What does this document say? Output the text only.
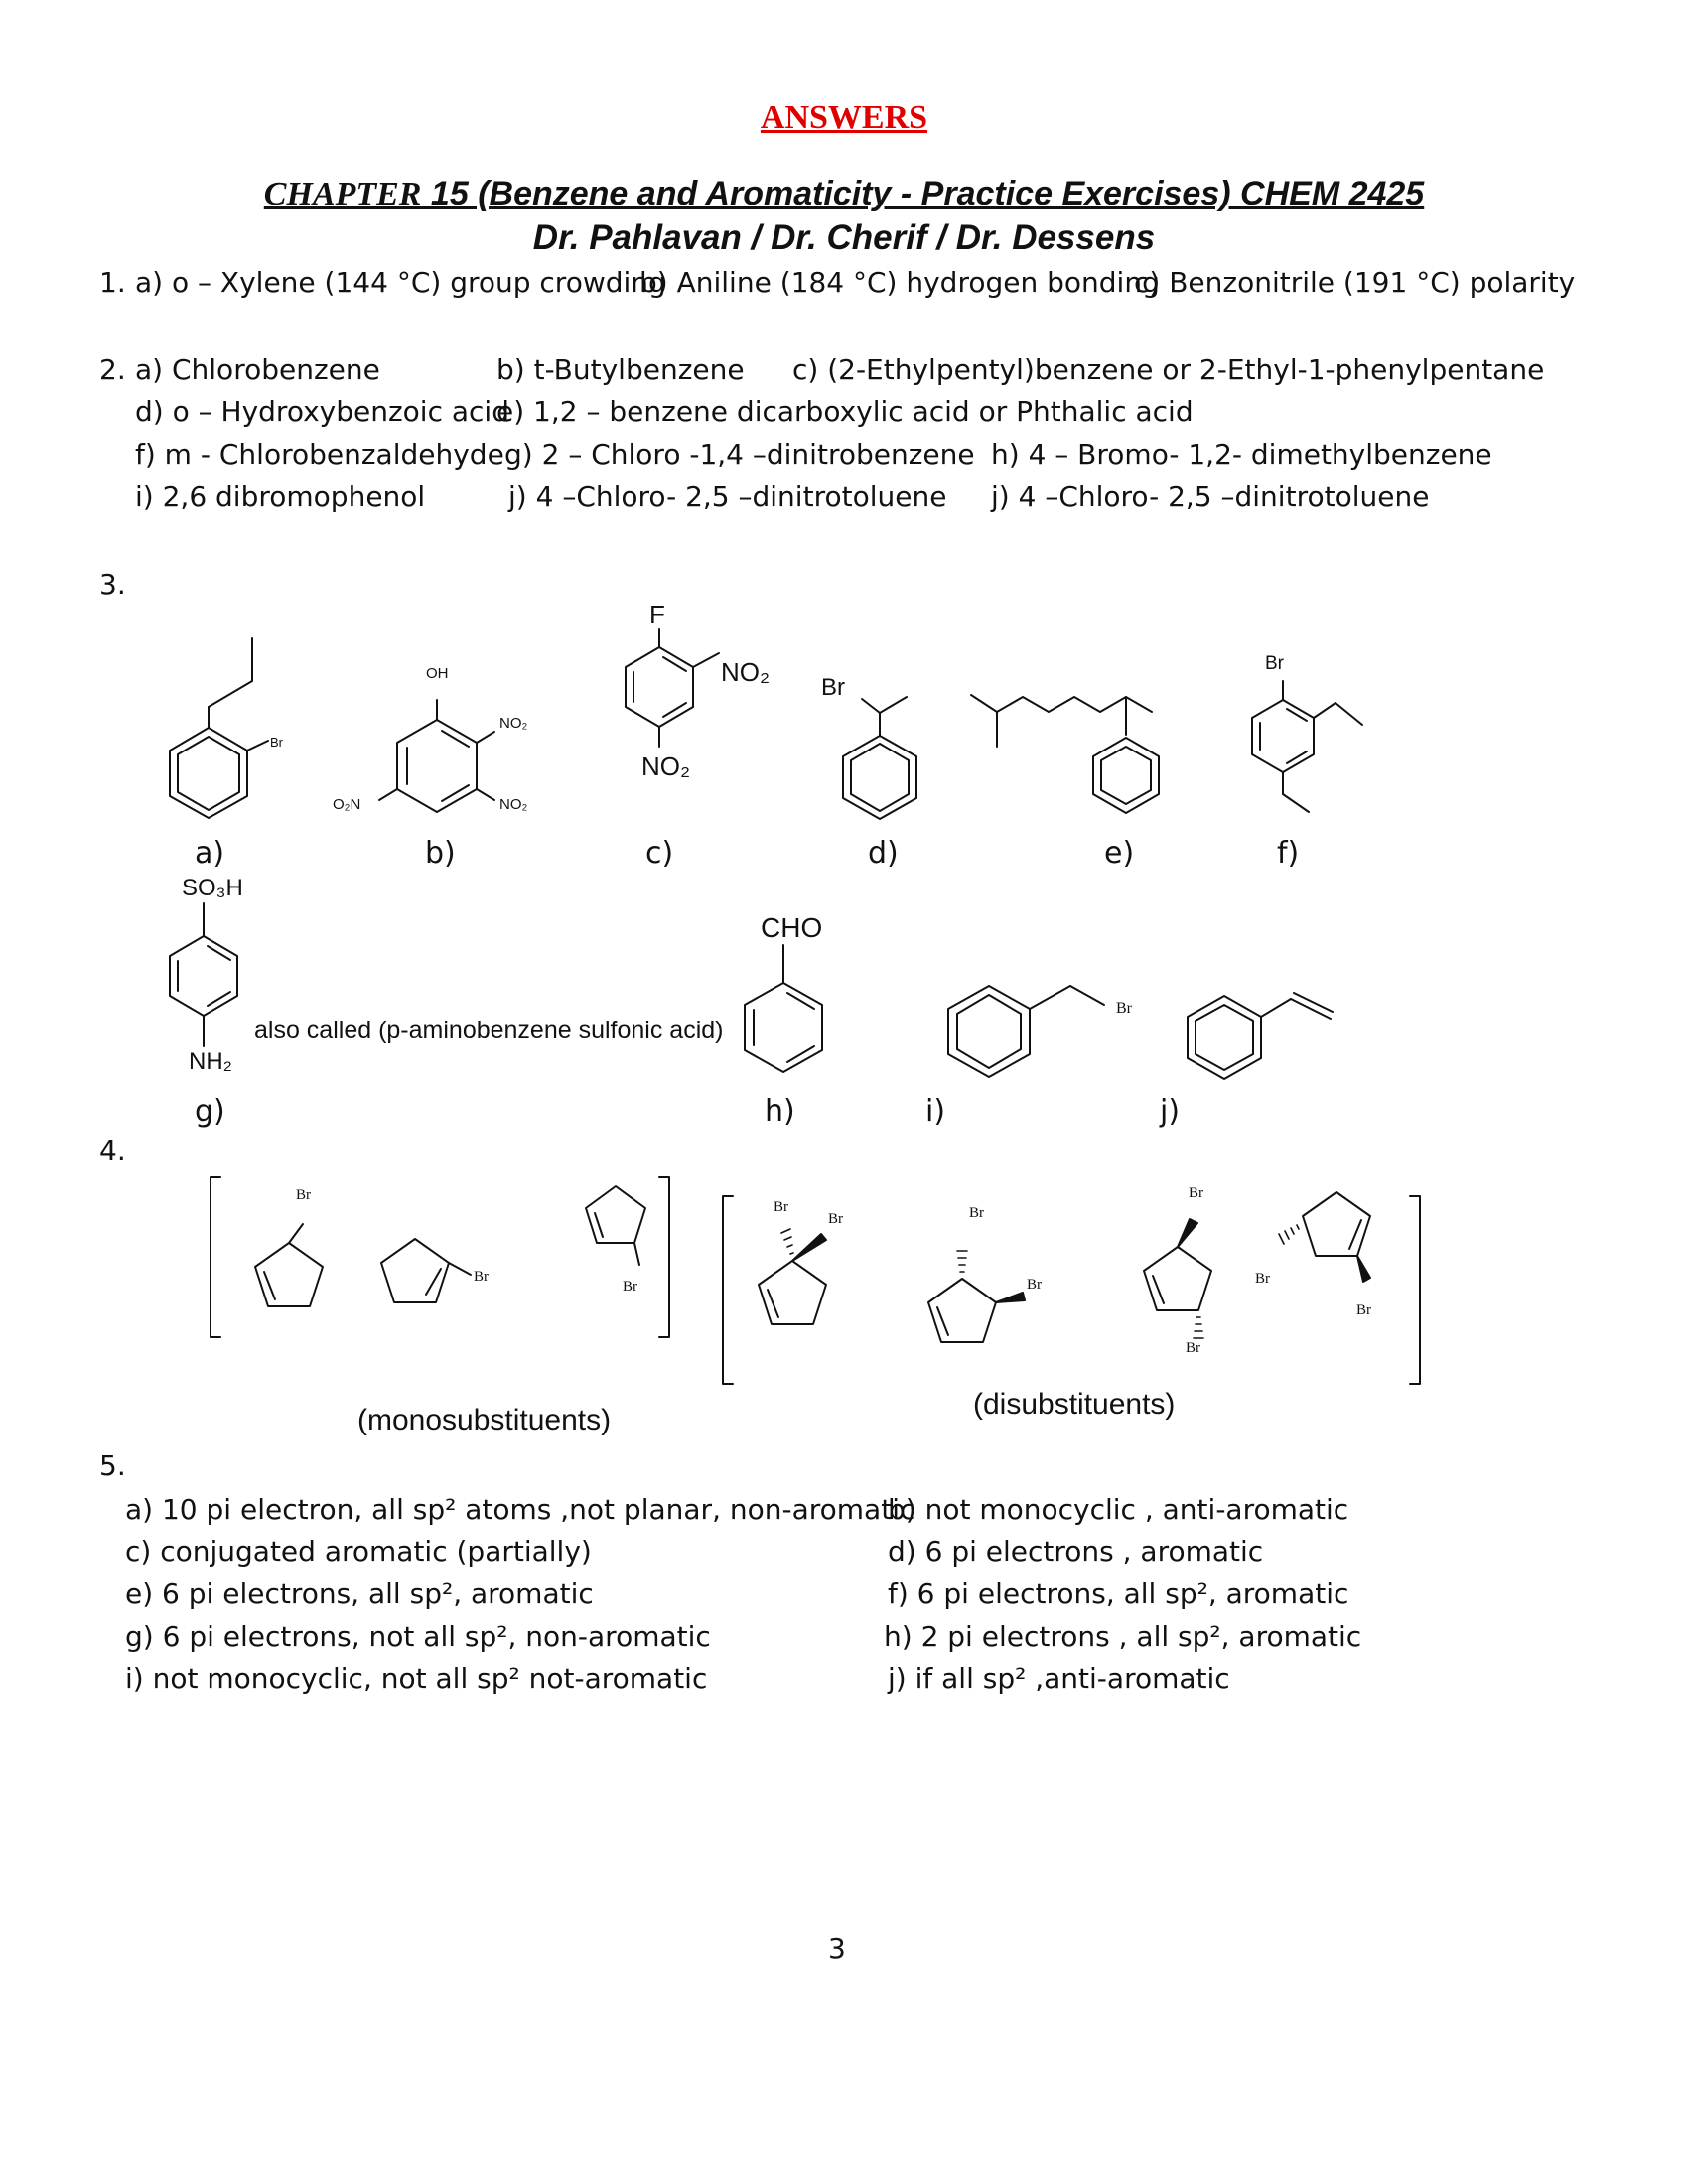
ANSWERS
CHAPTER 15 (Benzene and Aromaticity - Practice Exercises) CHEM 2425
Dr. Pahlavan / Dr. Cherif / Dr. Dessens
1. a) o – Xylene (144 °C) group crowding
b) Aniline (184 °C) hydrogen bonding
c) Benzonitrile (191 °C) polarity
2. a) Chlorobenzene	b) t-Butylbenzene c) (2-Ethylpentyl)benzene or 2-Ethyl-1-phenylpentane
d) o – Hydroxybenzoic acid
e) 1,2 – benzene dicarboxylic acid or Phthalic acid
f) m - Chlorobenzaldehyde g) 2 – Chloro -1,4 –dinitrobenzene h) 4 – Bromo- 1,2- dimethylbenzene
i) 2,6 dibromophenol	j) 4 –Chloro- 2,5 –dinitrotoluene j) 4 –Chloro- 2,5 –dinitrotoluene
3.
a)	b)	c)	d)	e)	f)
g)	h)	i)	j)
also called (p-aminobenzene sulfonic acid)
4.
(monosubstituents)	(disubstituents)
5.
a) 10 pi electron, all sp² atoms ,not planar, non-aromatic
b) not monocyclic , anti-aromatic
c) conjugated aromatic (partially)	d) 6 pi electrons , aromatic
e) 6 pi electrons, all sp², aromatic	f) 6 pi electrons, all sp², aromatic
g) 6 pi electrons, not all sp², non-aromatic	h) 2 pi electrons , all sp², aromatic
i) not monocyclic, not all sp² not-aromatic	j) if all sp² ,anti-aromatic
3
Br
OH
NO₂
NO₂
O₂N
F
NO₂
NO₂
Br
Br
SO₃H
NH₂
CHO
Br
Br
Br
Br
Br
Br	Br
Br
Br
Br
Br
Br
